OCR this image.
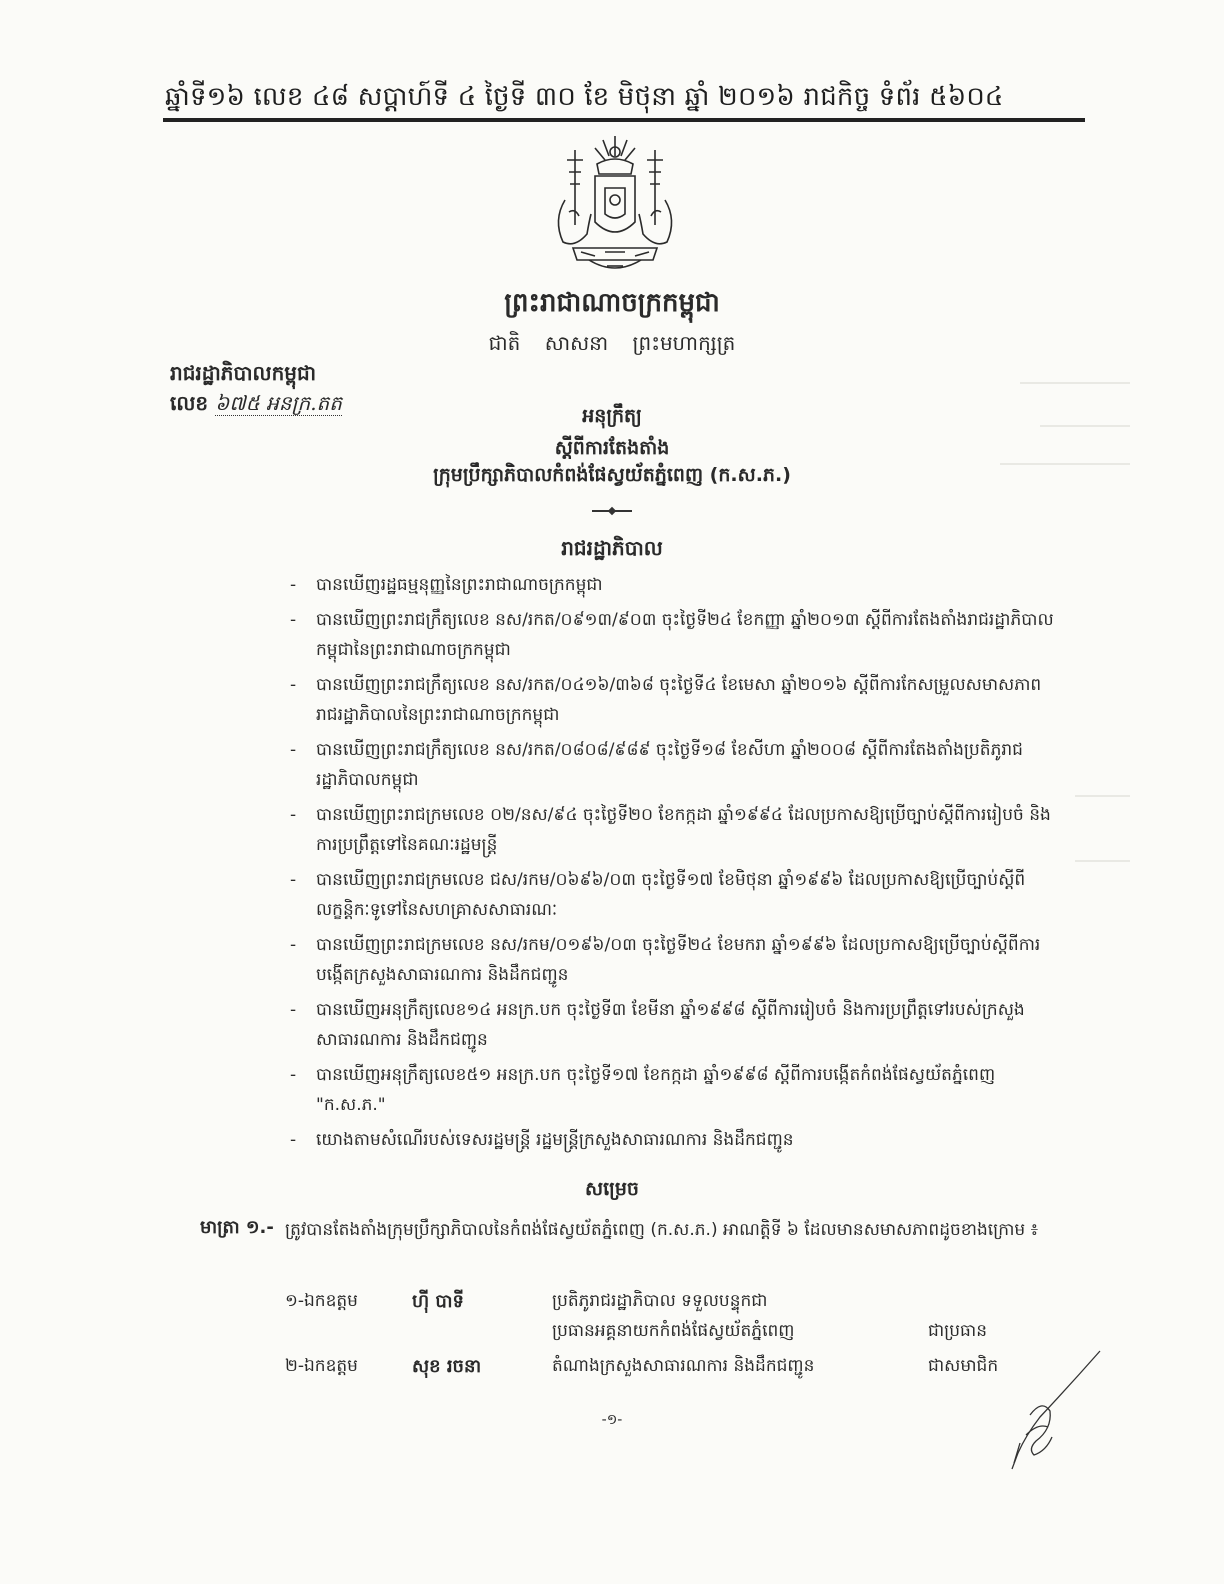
ឆ្នាំទី១៦ លេខ ៤៨ សប្ដាហ៍ទី ៤ ថ្ងៃទី ៣០ ខែ មិថុនា ឆ្នាំ ២០១៦ រាជកិច្ច ទំព័រ ៥៦០៤
ព្រះរាជាណាចក្រកម្ពុជា
ជាតិ សាសនា ព្រះមហាក្សត្រ
រាជរដ្ឋាភិបាលកម្ពុជា
លេខ ៦៧៥ អនក្រ.តត
អនុក្រឹត្យ
ស្ដីពីការតែងតាំង
ក្រុមប្រឹក្សាភិបាលកំពង់ផែស្វយ័តភ្នំពេញ (ក.ស.ភ.)
រាជរដ្ឋាភិបាល
- បានឃើញរដ្ឋធម្មនុញ្ញនៃព្រះរាជាណាចក្រកម្ពុជា
- បានឃើញព្រះរាជក្រឹត្យលេខ នស/រកត/០៩១៣/៩០៣ ចុះថ្ងៃទី២៤ ខែកញ្ញា ឆ្នាំ២០១៣ ស្ដីពីការតែងតាំងរាជរដ្ឋាភិបាលកម្ពុជានៃព្រះរាជាណាចក្រកម្ពុជា
- បានឃើញព្រះរាជក្រឹត្យលេខ នស/រកត/០៤១៦/៣៦៨ ចុះថ្ងៃទី៤ ខែមេសា ឆ្នាំ២០១៦ ស្ដីពីការកែសម្រួលសមាសភាពរាជរដ្ឋាភិបាលនៃព្រះរាជាណាចក្រកម្ពុជា
- បានឃើញព្រះរាជក្រឹត្យលេខ នស/រកត/០៨០៨/៩៨៩ ចុះថ្ងៃទី១៨ ខែសីហា ឆ្នាំ២០០៨ ស្ដីពីការតែងតាំងប្រតិភូរាជរដ្ឋាភិបាលកម្ពុជា
- បានឃើញព្រះរាជក្រមលេខ ០២/នស/៩៤ ចុះថ្ងៃទី២០ ខែកក្កដា ឆ្នាំ១៩៩៤ ដែលប្រកាសឱ្យប្រើច្បាប់ស្ដីពីការរៀបចំ និងការប្រព្រឹត្តទៅនៃគណៈរដ្ឋមន្ត្រី
- បានឃើញព្រះរាជក្រមលេខ ជស/រកម/០៦៩៦/០៣ ចុះថ្ងៃទី១៧ ខែមិថុនា ឆ្នាំ១៩៩៦ ដែលប្រកាសឱ្យប្រើច្បាប់ស្ដីពីលក្ខន្តិកៈទូទៅនៃសហគ្រាសសាធារណៈ
- បានឃើញព្រះរាជក្រមលេខ នស/រកម/០១៩៦/០៣ ចុះថ្ងៃទី២៤ ខែមករា ឆ្នាំ១៩៩៦ ដែលប្រកាសឱ្យប្រើច្បាប់ស្ដីពីការបង្កើតក្រសួងសាធារណការ និងដឹកជញ្ជូន
- បានឃើញអនុក្រឹត្យលេខ១៤ អនក្រ.បក ចុះថ្ងៃទី៣ ខែមីនា ឆ្នាំ១៩៩៨ ស្ដីពីការរៀបចំ និងការប្រព្រឹត្តទៅរបស់ក្រសួងសាធារណការ និងដឹកជញ្ជូន
- បានឃើញអនុក្រឹត្យលេខ៥១ អនក្រ.បក ចុះថ្ងៃទី១៧ ខែកក្កដា ឆ្នាំ១៩៩៨ ស្ដីពីការបង្កើតកំពង់ផែស្វយ័តភ្នំពេញ "ក.ស.ភ."
- យោងតាមសំណើរបស់ទេសរដ្ឋមន្ត្រី រដ្ឋមន្ត្រីក្រសួងសាធារណការ និងដឹកជញ្ជូន
សម្រេច
មាត្រា ១.- ត្រូវបានតែងតាំងក្រុមប្រឹក្សាភិបាលនៃកំពង់ផែស្វយ័តភ្នំពេញ (ក.ស.ភ.) អាណត្តិទី ៦ ដែលមានសមាសភាពដូចខាងក្រោម ៖
១-ឯកឧត្តម	ហ៊ី បាទី	ប្រតិភូរាជរដ្ឋាភិបាល ទទួលបន្ទុកជា
ប្រធានអគ្គនាយកកំពង់ផែស្វយ័តភ្នំពេញ	ជាប្រធាន
២-ឯកឧត្តម	សុខ រចនា	តំណាងក្រសួងសាធារណការ និងដឹកជញ្ជូន	ជាសមាជិក
-១-
